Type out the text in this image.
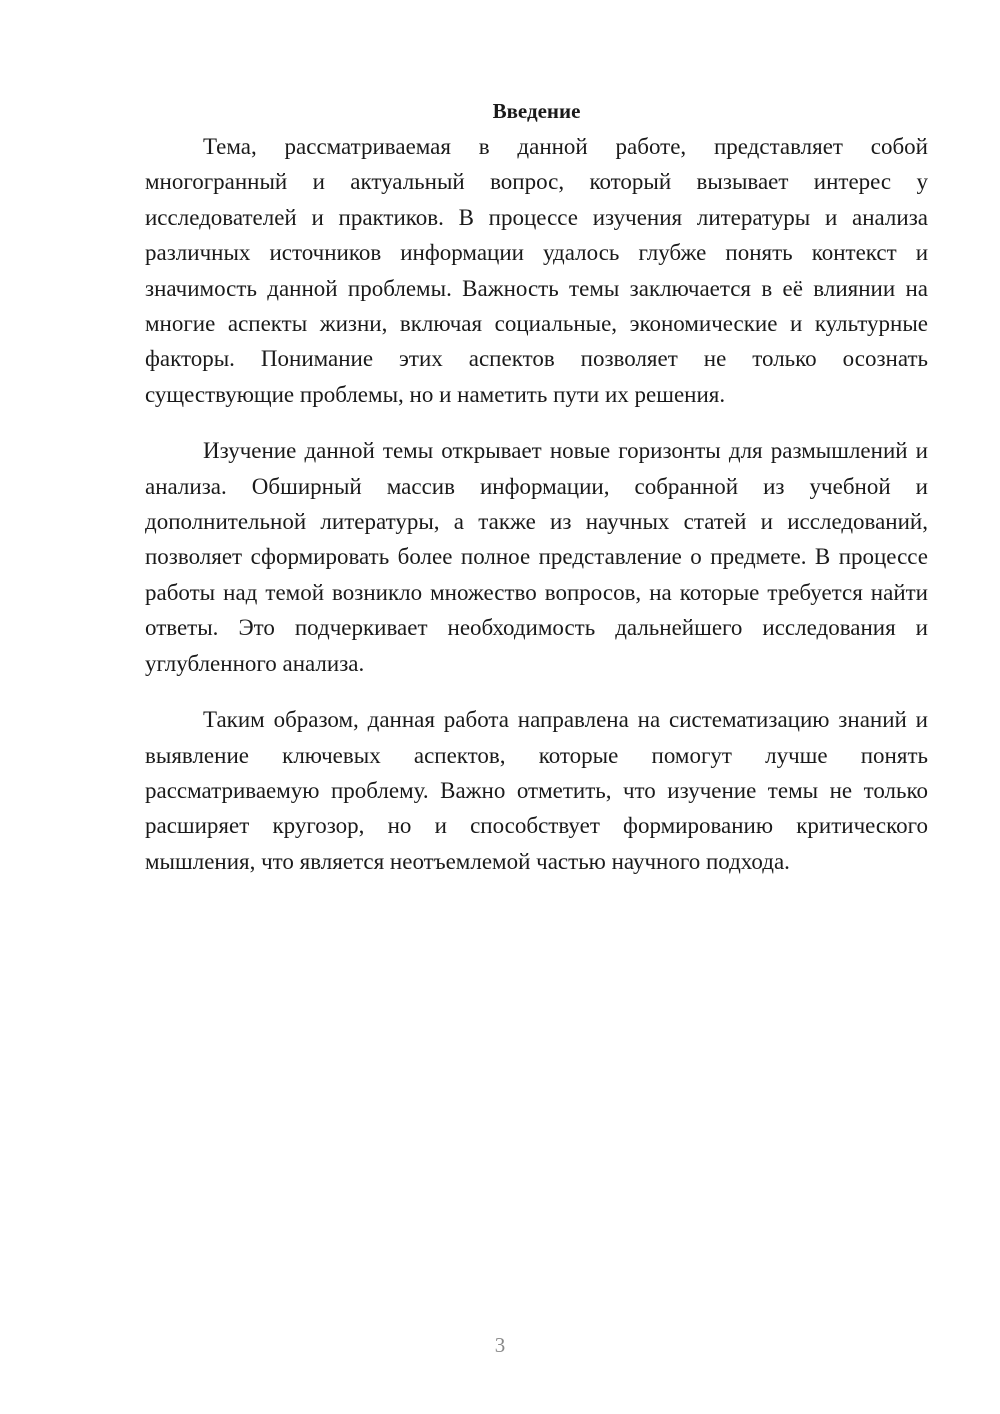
Введение

Тема, рассматриваемая в данной работе, представляет собой многогранный и актуальный вопрос, который вызывает интерес у исследователей и практиков. В процессе изучения литературы и анализа различных источников информации удалось глубже понять контекст и значимость данной проблемы. Важность темы заключается в её влиянии на многие аспекты жизни, включая социальные, экономические и культурные факторы. Понимание этих аспектов позволяет не только осознать существующие проблемы, но и наметить пути их решения.

Изучение данной темы открывает новые горизонты для размышлений и анализа. Обширный массив информации, собранной из учебной и дополнительной литературы, а также из научных статей и исследований, позволяет сформировать более полное представление о предмете. В процессе работы над темой возникло множество вопросов, на которые требуется найти ответы. Это подчеркивает необходимость дальнейшего исследования и углубленного анализа.

Таким образом, данная работа направлена на систематизацию знаний и выявление ключевых аспектов, которые помогут лучше понять рассматриваемую проблему. Важно отметить, что изучение темы не только расширяет кругозор, но и способствует формированию критического мышления, что является неотъемлемой частью научного подхода.

3
